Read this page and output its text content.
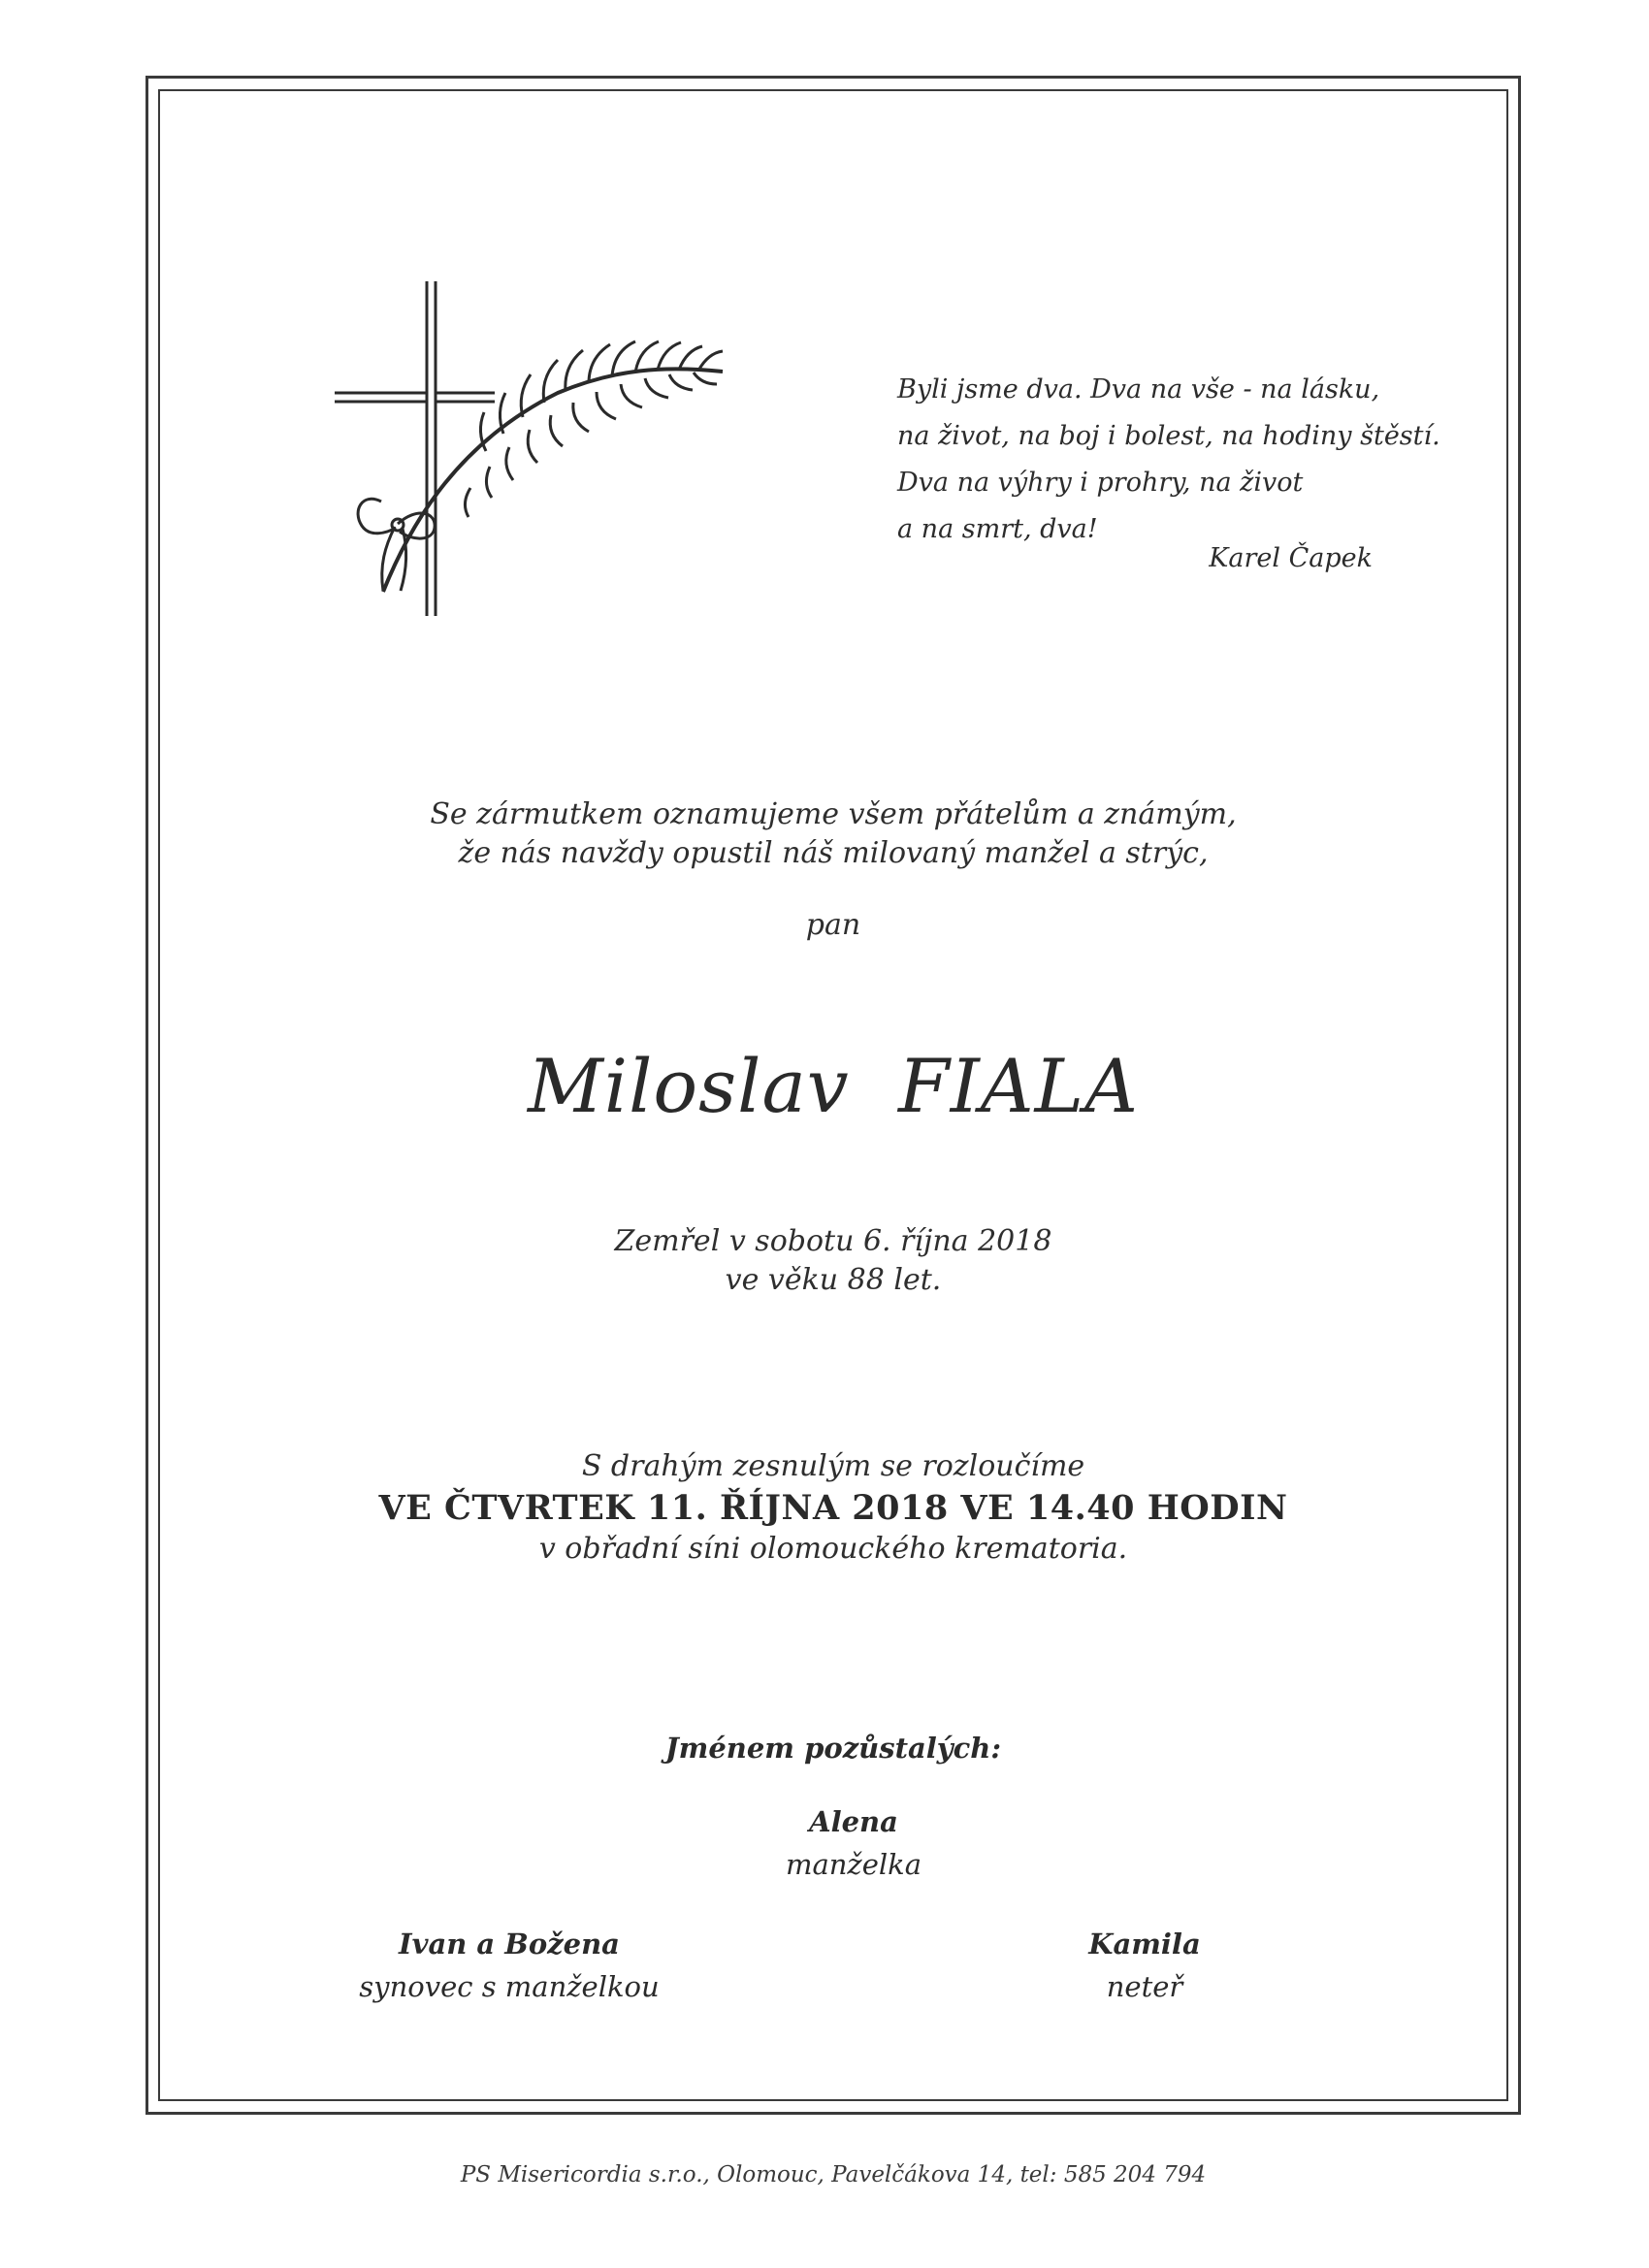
Byli jsme dva. Dva na vše - na lásku,
na život, na boj i bolest, na hodiny štěstí.
Dva na výhry i prohry, na život
a na smrt, dva!
Karel Čapek
Se zármutkem oznamujeme všem přátelům a známým,
že nás navždy opustil náš milovaný manžel a strýc,
pan
Miloslav FIALA
Zemřel v sobotu 6. října 2018
ve věku 88 let.
S drahým zesnulým se rozloučíme
VE ČTVRTEK 11. ŘÍJNA 2018 VE 14.40 HODIN
v obřadní síni olomouckého krematoria.
Jménem pozůstalých:
Alena
manželka
Ivan a Božena
synovec s manželkou
Kamila
neteř
PS Misericordia s.r.o., Olomouc, Pavelčákova 14, tel: 585 204 794
